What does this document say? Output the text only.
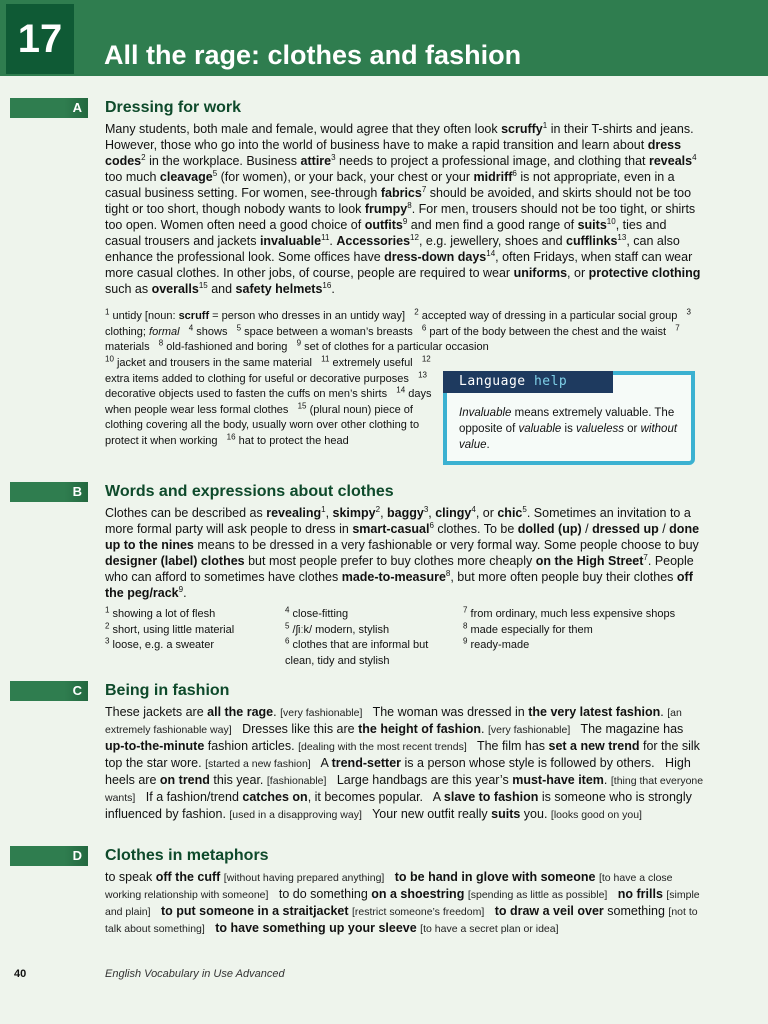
17	All the rage: clothes and fashion
A Dressing for work
Many students, both male and female, would agree that they often look scruffy$^1$ in their T-shirts and jeans. However, those who go into the world of business have to make a rapid transition and learn about dress codes$^2$ in the workplace. Business attire$^3$ needs to project a professional image, and clothing that reveals$^4$ too much cleavage$^5$ (for women), or your back, your chest or your midriff$^6$ is not appropriate, even in a casual business setting. For women, see-through fabrics$^7$ should be avoided, and skirts should not be too tight or too short, though nobody wants to look frumpy$^8$. For men, trousers should not be too tight, or shirts too open. Women often need a good choice of outfits$^9$ and men find a good range of suits$^{10}$, ties and casual trousers and jackets invaluable$^{11}$. Accessories$^{12}$, e.g. jewellery, shoes and cufflinks$^{13}$, can also enhance the professional look. Some offices have dress-down days$^{14}$, often Fridays, when staff can wear more casual clothes. In other jobs, of course, people are required to wear uniforms, or protective clothing such as overalls$^{15}$ and safety helmets$^{16}$.
$^1$ untidy [noun: scruff = person who dresses in an untidy way]   $^2$ accepted way of dressing in a particular social group   $^3$ clothing; formal $^4$ shows   $^5$ space between a woman’s breasts   $^6$ part of the body between the chest and the waist   $^7$ materials   $^8$ old-fashioned and boring   $^9$ set of clothes for a particular occasion
$^{10}$ jacket and trousers in the same material   $^{11}$ extremely useful   $^{12}$ extra items added to clothing for useful or decorative purposes   $^{13}$ decorative objects used to fasten the cuffs on men’s shirts   $^{14}$ days when people wear less formal clothes   $^{15}$ (plural noun) piece of clothing covering all the body, usually worn over other clothing to protect it when working   $^{16}$ hat to protect the head
Language help
Invaluable means extremely valuable. The opposite of valuable is valueless or without value.
B Words and expressions about clothes
Clothes can be described as revealing$^1$, skimpy$^2$, baggy$^3$, clingy$^4$, or chic$^5$. Sometimes an invitation to a more formal party will ask people to dress in smart-casual$^6$ clothes. To be dolled (up) / dressed up / done up to the nines means to be dressed in a very fashionable or very formal way. Some people choose to buy designer (label) clothes but most people prefer to buy clothes more cheaply on the High Street$^7$. People who can afford to sometimes have clothes made-to-measure$^8$, but more often people buy their clothes off the peg/rack$^9$.
$^1$ showing a lot of flesh
$^2$ short, using little material
$^3$ loose, e.g. a sweater
$^4$ close-fitting
$^5$ /ʃiːk/ modern, stylish
$^6$ clothes that are informal but clean, tidy and stylish
$^7$ from ordinary, much less expensive shops
$^8$ made especially for them
$^9$ ready-made
C Being in fashion
These jackets are all the rage. [very fashionable]   The woman was dressed in the very latest fashion. [an extremely fashionable way]   Dresses like this are the height of fashion. [very fashionable]   The magazine has up-to-the-minute fashion articles. [dealing with the most recent trends]   The film has set a new trend for the silk top the star wore. [started a new fashion]   A trend-setter is a person whose style is followed by others.   High heels are on trend this year. [fashionable]   Large handbags are this year’s must-have item. [thing that everyone wants]   If a fashion/trend catches on, it becomes popular.   A slave to fashion is someone who is strongly influenced by fashion. [used in a disapproving way]   Your new outfit really suits you. [looks good on you]
D Clothes in metaphors
to speak off the cuff [without having prepared anything] to be hand in glove with someone [to have a close working relationship with someone]   to do something on a shoestring [spending as little as possible] no frills [simple and plain] to put someone in a straitjacket [restrict someone’s freedom] to draw a veil over something [not to talk about something] to have something up your sleeve [to have a secret plan or idea]
40	English Vocabulary in Use Advanced
